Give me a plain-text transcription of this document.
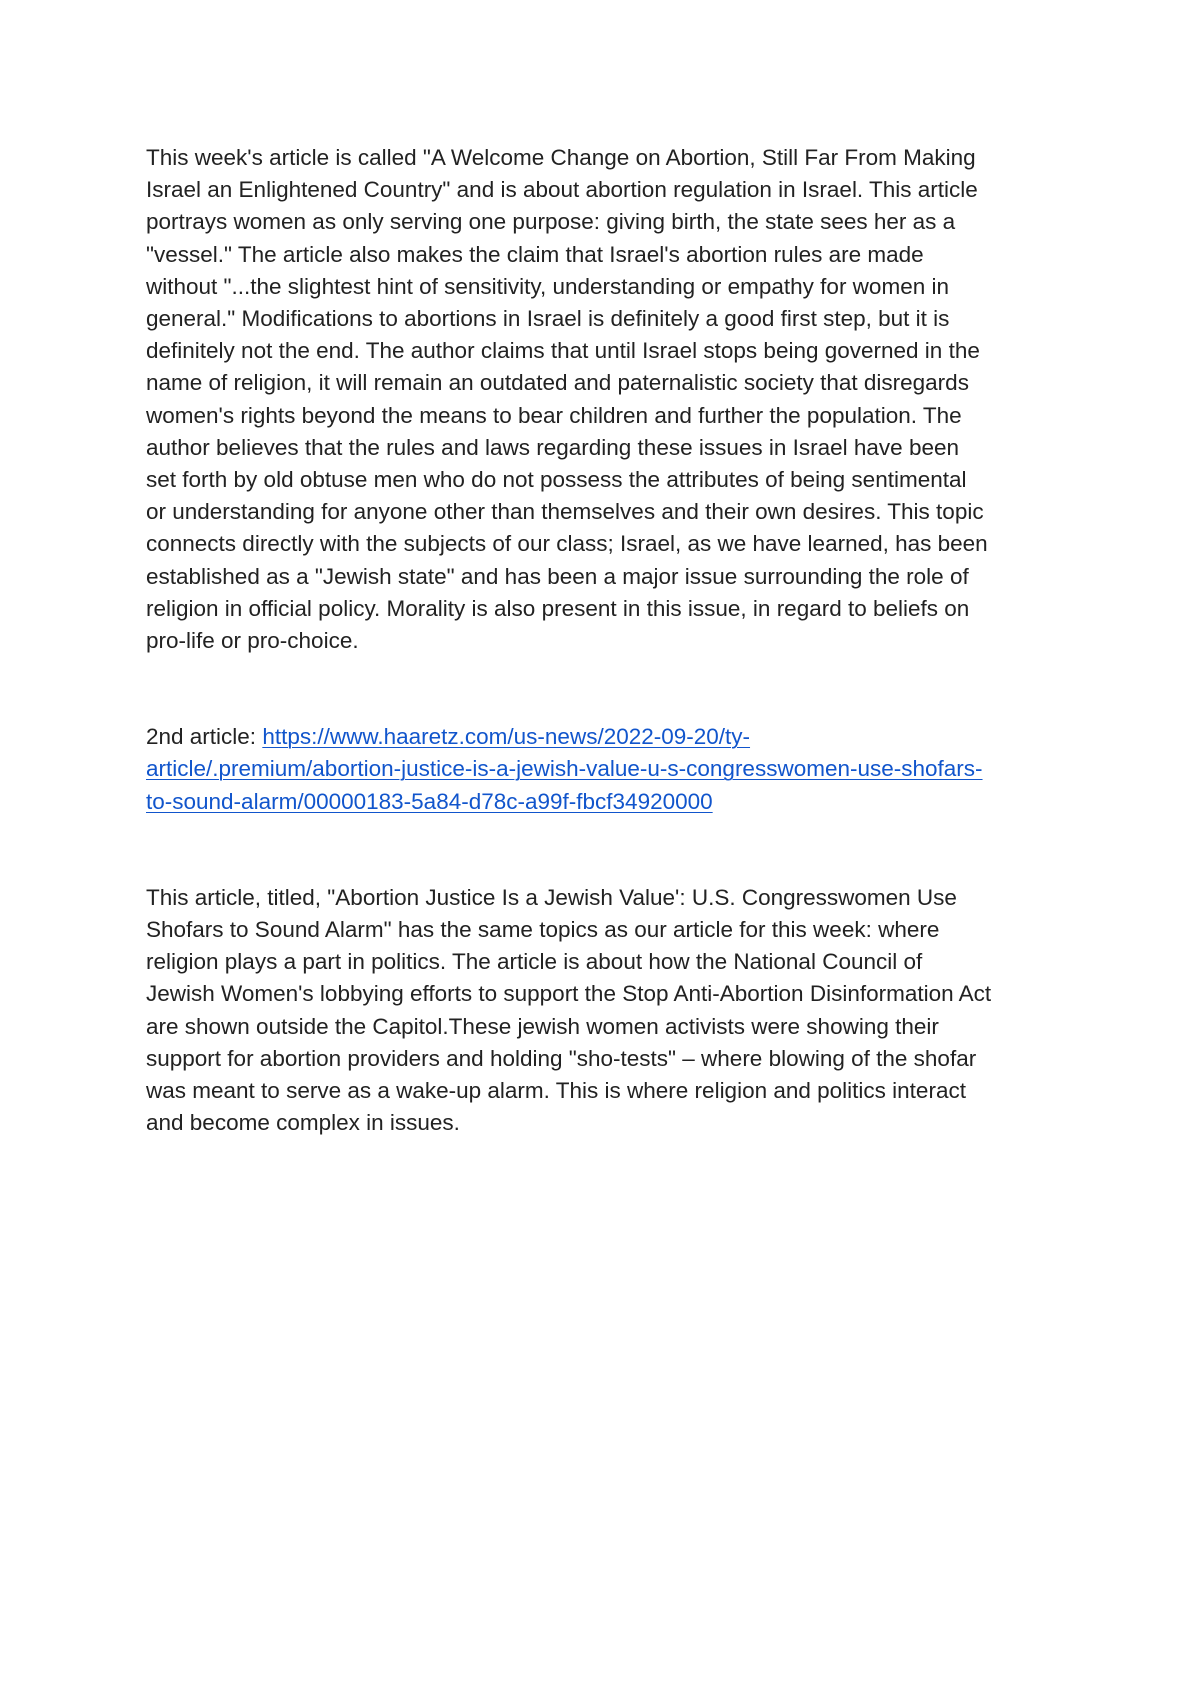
This week's article is called "A Welcome Change on Abortion, Still Far From Making
Israel an Enlightened Country" and is about abortion regulation in Israel. This article
portrays women as only serving one purpose: giving birth, the state sees her as a
"vessel." The article also makes the claim that Israel's abortion rules are made
without "...the slightest hint of sensitivity, understanding or empathy for women in
general." Modifications to abortions in Israel is definitely a good first step, but it is
definitely not the end. The author claims that until Israel stops being governed in the
name of religion, it will remain an outdated and paternalistic society that disregards
women's rights beyond the means to bear children and further the population. The
author believes that the rules and laws regarding these issues in Israel have been
set forth by old obtuse men who do not possess the attributes of being sentimental
or understanding for anyone other than themselves and their own desires. This topic
connects directly with the subjects of our class; Israel, as we have learned, has been
established as a "Jewish state" and has been a major issue surrounding the role of
religion in official policy. Morality is also present in this issue, in regard to beliefs on
pro-life or pro-choice.

2nd article: https://www.haaretz.com/us-news/2022-09-20/ty-
article/.premium/abortion-justice-is-a-jewish-value-u-s-congresswomen-use-shofars-
to-sound-alarm/00000183-5a84-d78c-a99f-fbcf34920000

This article, titled, "Abortion Justice Is a Jewish Value': U.S. Congresswomen Use
Shofars to Sound Alarm" has the same topics as our article for this week: where
religion plays a part in politics. The article is about how the National Council of
Jewish Women's lobbying efforts to support the Stop Anti-Abortion Disinformation Act
are shown outside the Capitol.These jewish women activists were showing their
support for abortion providers and holding "sho-tests" – where blowing of the shofar
was meant to serve as a wake-up alarm. This is where religion and politics interact
and become complex in issues.
